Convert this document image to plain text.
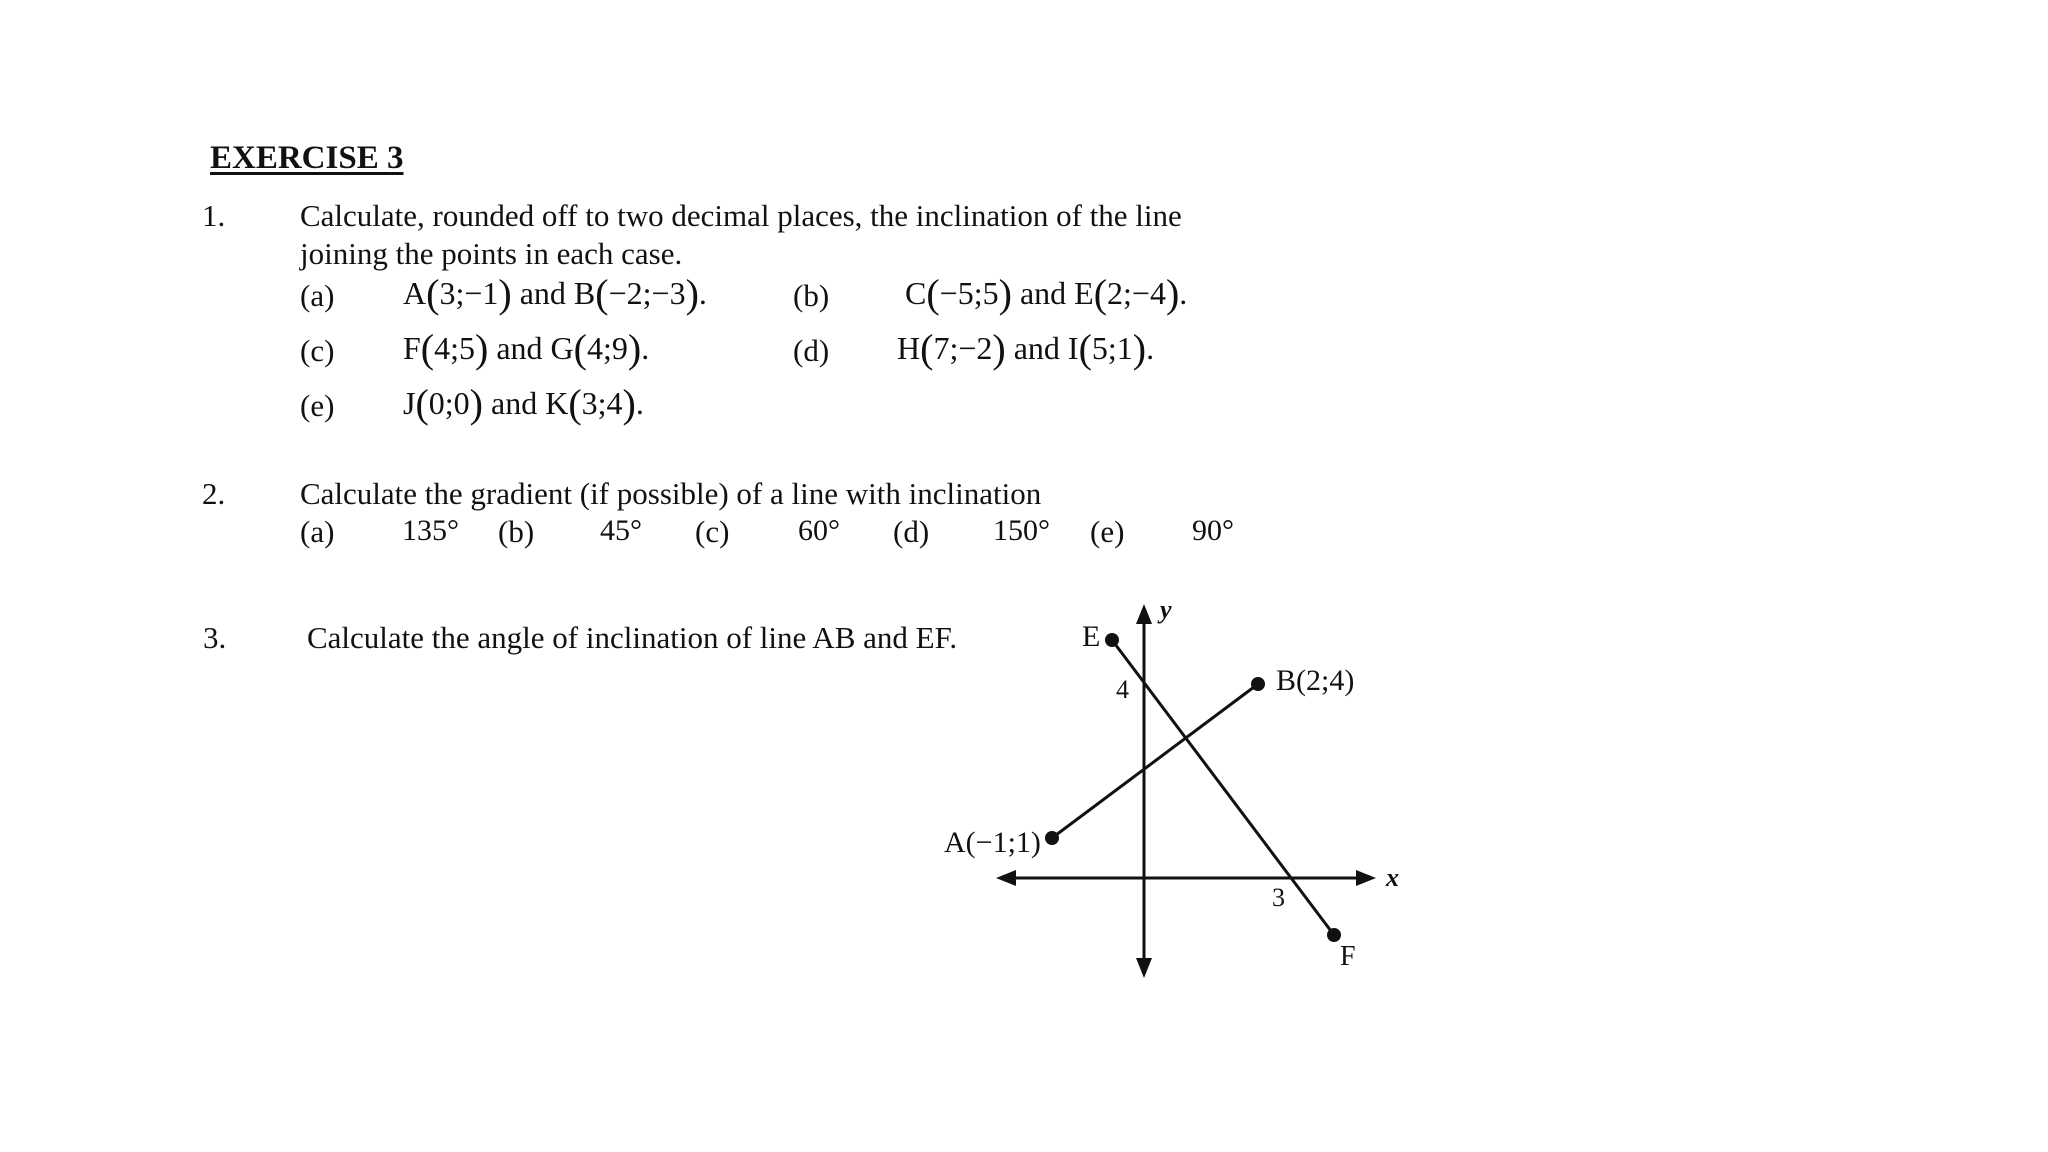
EXERCISE 3
1. Calculate, rounded off to two decimal places, the inclination of the line
joining the points in each case.
(a) A(3;−1) and B(−2;−3).	(b) C(−5;5) and E(2;−4).
(c) F(4;5) and G(4;9).	(d) H(7;−2) and I(5;1).
(e) J(0;0) and K(3;4).
2. Calculate the gradient (if possible) of a line with inclination
(a) 135° (b) 45° (c) 60° (d) 150° (e) 90°
3.	Calculate the angle of inclination of line AB and EF.
y
x
4
3
E
F
A(−1;1)
B(2;4)
